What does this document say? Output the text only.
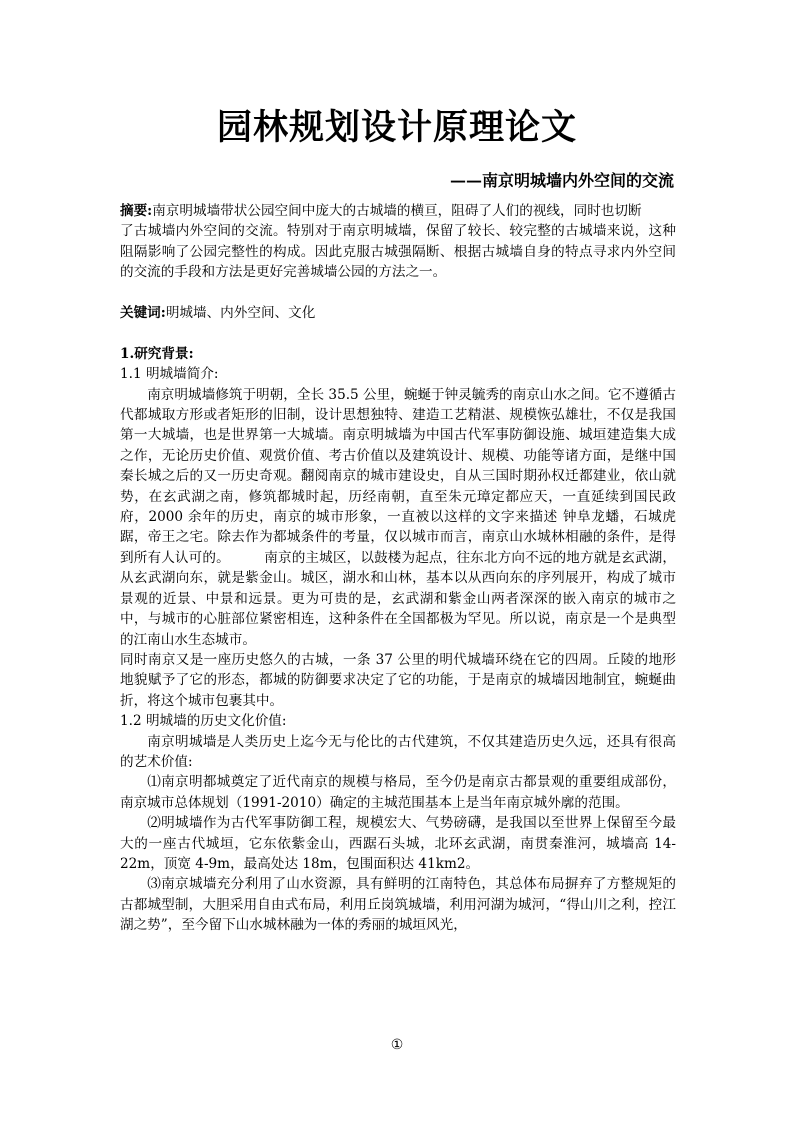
园林规划设计原理论文
——南京明城墙内外空间的交流

摘要:南京明城墙带状公园空间中庞大的古城墙的横亘，阻碍了人们的视线，同时也切断

了古城墙内外空间的交流。特别对于南京明城墙，保留了较长、较完整的古城墙来说，这种阻隔影响了公园完整性的构成。因此克服古城强隔断、根据古城墙自身的特点寻求内外空间的交流的手段和方法是更好完善城墙公园的方法之一。

关键词:明城墙、内外空间、文化

1.研究背景:

1.1 明城墙简介:

南京明城墙修筑于明朝，全长 35.5 公里，蜿蜒于钟灵毓秀的南京山水之间。它不遵循古代都城取方形或者矩形的旧制，设计思想独特、建造工艺精湛、规模恢弘雄壮，不仅是我国第一大城墙，也是世界第一大城墙。南京明城墙为中国古代军事防御设施、城垣建造集大成之作，无论历史价值、观赏价值、考古价值以及建筑设计、规模、功能等诸方面，是继中国秦长城之后的又一历史奇观。翻阅南京的城市建设史，自从三国时期孙权迁都建业，依山就势，在玄武湖之南，修筑都城时起，历经南朝，直至朱元璋定都应天，一直延续到国民政府，2000 余年的历史，南京的城市形象，一直被以这样的文字来描述 钟阜龙蟠，石城虎踞，帝王之宅。除去作为都城条件的考量，仅以城市而言，南京山水城林相融的条件，是得到所有人认可的。　　　南京的主城区，以鼓楼为起点，往东北方向不远的地方就是玄武湖，从玄武湖向东，就是紫金山。城区，湖水和山林，基本以从西向东的序列展开，构成了城市景观的近景、中景和远景。更为可贵的是，玄武湖和紫金山两者深深的嵌入南京的城市之中，与城市的心脏部位紧密相连，这种条件在全国都极为罕见。所以说，南京是一个是典型的江南山水生态城市。

同时南京又是一座历史悠久的古城，一条 37 公里的明代城墙环绕在它的四周。丘陵的地形地貌赋予了它的形态，都城的防御要求决定了它的功能，于是南京的城墙因地制宜，蜿蜒曲折，将这个城市包裹其中。

1.2 明城墙的历史文化价值:

南京明城墙是人类历史上迄今无与伦比的古代建筑，不仅其建造历史久远，还具有很高的艺术价值:

⑴南京明都城奠定了近代南京的规模与格局，至今仍是南京古都景观的重要组成部份，南京城市总体规划（1991-2010）确定的主城范围基本上是当年南京城外廓的范围。

⑵明城墙作为古代军事防御工程，规模宏大、气势磅礴，是我国以至世界上保留至今最大的一座古代城垣，它东依紫金山，西踞石头城，北环玄武湖，南贯秦淮河，城墙高 14-22m，顶宽 4-9m，最高处达 18m，包围面积达 41km2。

⑶南京城墙充分利用了山水资源，具有鲜明的江南特色，其总体布局摒弃了方整规矩的古都城型制，大胆采用自由式布局，利用丘岗筑城墙，利用河湖为城河，“得山川之利，控江湖之势”，至今留下山水城林融为一体的秀丽的城垣风光，

①
